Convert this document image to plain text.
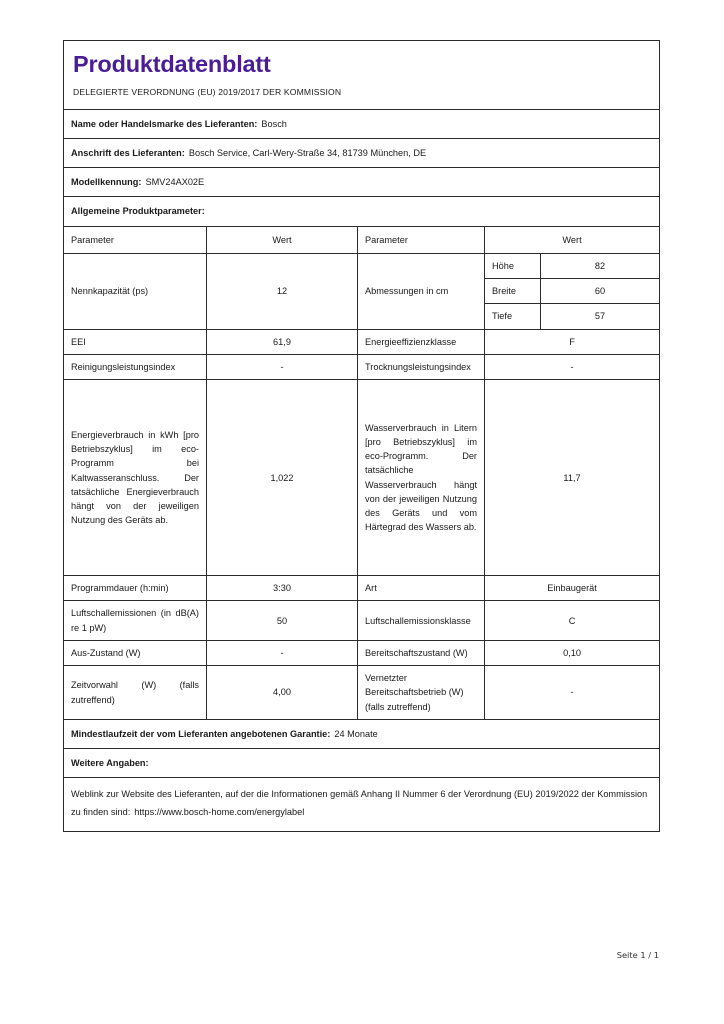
Produktdatenblatt
DELEGIERTE VERORDNUNG (EU) 2019/2017 DER KOMMISSION				

Name oder Handelsmarke des Lieferanten: Bosch				
Anschrift des Lieferanten: Bosch Service, Carl-Wery-Straße 34, 81739 München, DE				
Modellkennung: SMV24AX02E				
Allgemeine Produktparameter:				
Parameter	Wert	Parameter	Wert	
Nennkapazität (ps)	12	Abmessungen in cm	Höhe	82
			Breite	60
			Tiefe	57
EEI	61,9	Energieeffizienzklasse	F	
Reinigungsleistungsindex	-	Trocknungsleistungsindex	-	
Energieverbrauch in kWh [pro Betriebszyklus] im eco-Programm bei Kaltwasseranschluss. Der tatsächliche Energieverbrauch hängt von der jeweiligen Nutzung des Geräts ab.	1,022	Wasserverbrauch in Litern [pro Betriebszyklus] im eco-Programm. Der tatsächliche Wasserverbrauch hängt von der jeweiligen Nutzung des Geräts und vom Härtegrad des Wassers ab.	11,7	
Programmdauer (h:min)	3:30	Art	Einbaugerät	
Luftschallemissionen (in dB(A) re 1 pW)	50	Luftschallemissionsklasse	C	
Aus-Zustand (W)	-	Bereitschaftszustand (W)	0,10	
Zeitvorwahl (W) (falls zutreffend)	4,00	Vernetzter Bereitschaftsbetrieb (W) (falls zutreffend)	-	
Mindestlaufzeit der vom Lieferanten angebotenen Garantie: 24 Monate				
Weitere Angaben:				
Weblink zur Website des Lieferanten, auf der die Informationen gemäß Anhang II Nummer 6 der Verordnung (EU) 2019/2022 der Kommission zu finden sind: https://www.bosch-home.com/energylabel				
Seite 1 / 1
